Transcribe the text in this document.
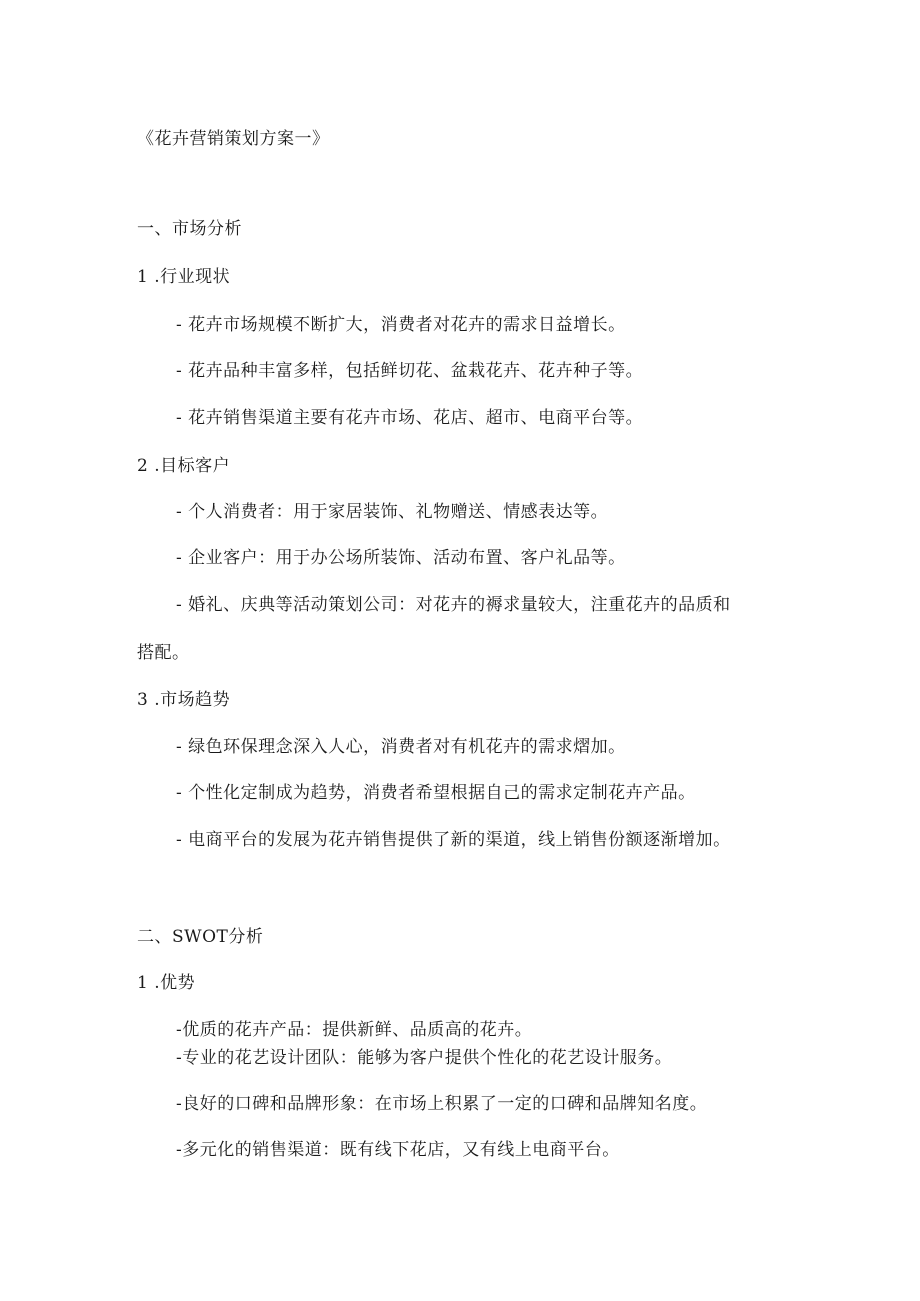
《花卉营销策划方案一》
一、市场分析
1 .行业现状
- 花卉市场规模不断扩大，消费者对花卉的需求日益增长。
- 花卉品种丰富多样，包括鲜切花、盆栽花卉、花卉种子等。
- 花卉销售渠道主要有花卉市场、花店、超市、电商平台等。
2 .目标客户
- 个人消费者：用于家居装饰、礼物赠送、情感表达等。
- 企业客户：用于办公场所装饰、活动布置、客户礼品等。
- 婚礼、庆典等活动策划公司：对花卉的褥求量较大，注重花卉的品质和
搭配。
3 .市场趋势
- 绿色环保理念深入人心，消费者对有机花卉的需求熠加。
- 个性化定制成为趋势，消费者希望根据自己的需求定制花卉产品。
- 电商平台的发展为花卉销售提供了新的渠道，线上销售份额逐渐增加。
二、SWOT分析
1 .优势
-优质的花卉产品：提供新鲜、品质高的花卉。
-专业的花艺设计团队：能够为客户提供个性化的花艺设计服务。
-良好的口碑和品牌形象：在市场上积累了一定的口碑和品牌知名度。
-多元化的销售渠道：既有线下花店，又有线上电商平台。
